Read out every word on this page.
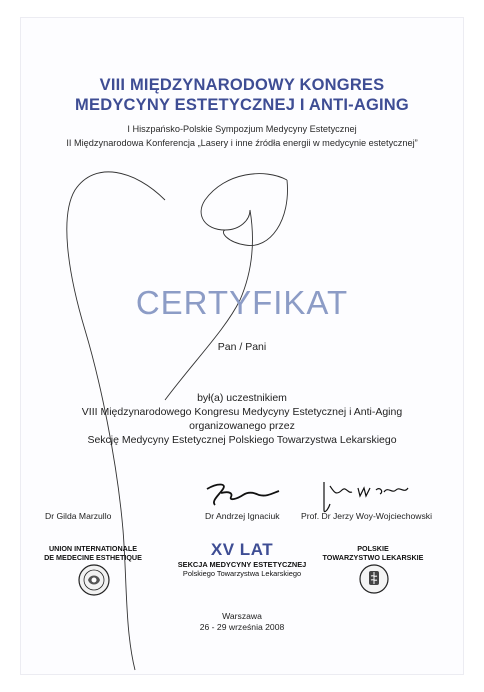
VIII MIĘDZYNARODOWY KONGRES
MEDYCYNY ESTETYCZNEJ I ANTI-AGING
I Hiszpańsko-Polskie Sympozjum Medycyny Estetycznej
II Międzynarodowa Konferencja „Lasery i inne źródła energii w medycynie estetycznej”
CERTYFIKAT
Pan / Pani
był(a) uczestnikiem
VIII Międzynarodowego Kongresu Medycyny Estetycznej i Anti-Aging
organizowanego przez
Sekcję Medycyny Estetycznej Polskiego Towarzystwa Lekarskiego
Dr Gilda Marzullo	Dr Andrzej Ignaciuk Prof. Dr Jerzy Woy-Wojciechowski
UNION INTERNATIONALE
DE MEDECINE ESTHETIQUE	XV LAT
SEKCJA MEDYCYNY ESTETYCZNEJ
Polskiego Towarzystwa Lekarskiego
POLSKIE
TOWARZYSTWO LEKARSKIE
Warszawa
26 - 29 września 2008
